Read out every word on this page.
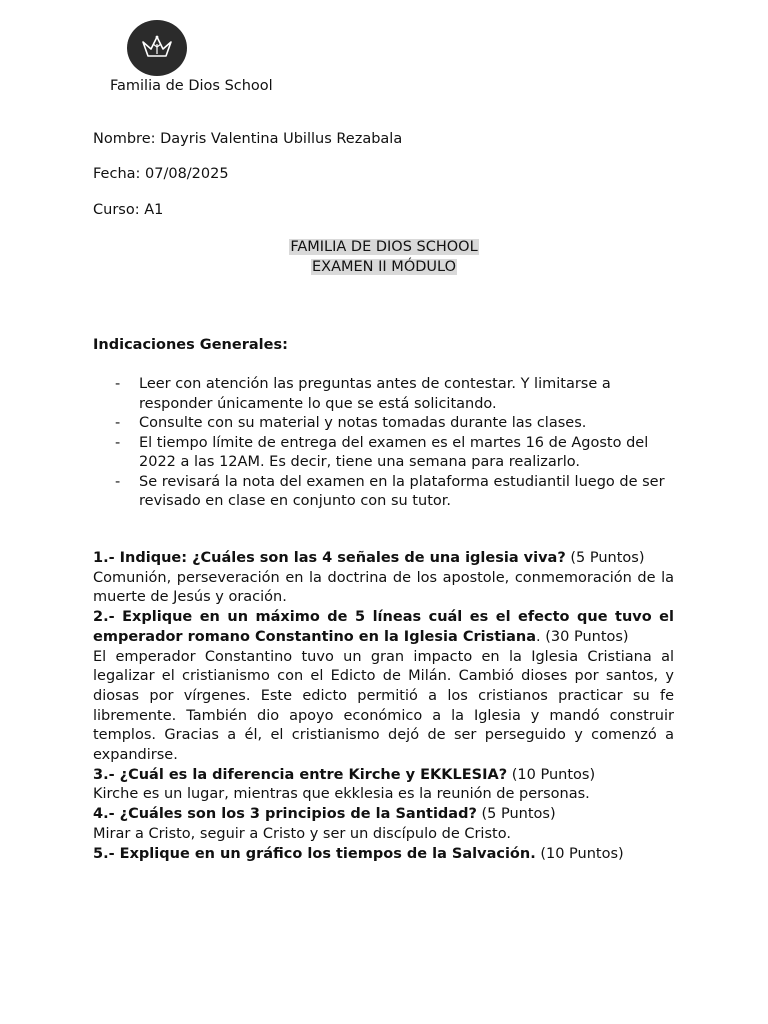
Familia de Dios School
Nombre: Dayris Valentina Ubillus Rezabala
Fecha: 07/08/2025
Curso: A1
FAMILIA DE DIOS SCHOOL
EXAMEN II MÓDULO
Indicaciones Generales:
- Leer con atención las preguntas antes de contestar. Y limitarse a responder únicamente lo que se está solicitando.
- Consulte con su material y notas tomadas durante las clases.
- El tiempo límite de entrega del examen es el martes 16 de Agosto del 2022 a las 12AM. Es decir, tiene una semana para realizarlo.
- Se revisará la nota del examen en la plataforma estudiantil luego de ser revisado en clase en conjunto con su tutor.

1.- Indique: ¿Cuáles son las 4 señales de una iglesia viva? (5 Puntos)

Comunión, perseveración en la doctrina de los apostole, conmemoración de la muerte de Jesús y oración.

2.- Explique en un máximo de 5 líneas cuál es el efecto que tuvo el emperador romano Constantino en la Iglesia Cristiana. (30 Puntos)

El emperador Constantino tuvo un gran impacto en la Iglesia Cristiana al legalizar el cristianismo con el Edicto de Milán. Cambió dioses por santos, y diosas por vírgenes. Este edicto permitió a los cristianos practicar su fe libremente. También dio apoyo económico a la Iglesia y mandó construir templos. Gracias a él, el cristianismo dejó de ser perseguido y comenzó a expandirse.

3.- ¿Cuál es la diferencia entre Kirche y EKKLESIA? (10 Puntos)

Kirche es un lugar, mientras que ekklesia es la reunión de personas.

4.- ¿Cuáles son los 3 principios de la Santidad? (5 Puntos)

Mirar a Cristo, seguir a Cristo y ser un discípulo de Cristo.

5.- Explique en un gráfico los tiempos de la Salvación. (10 Puntos)
